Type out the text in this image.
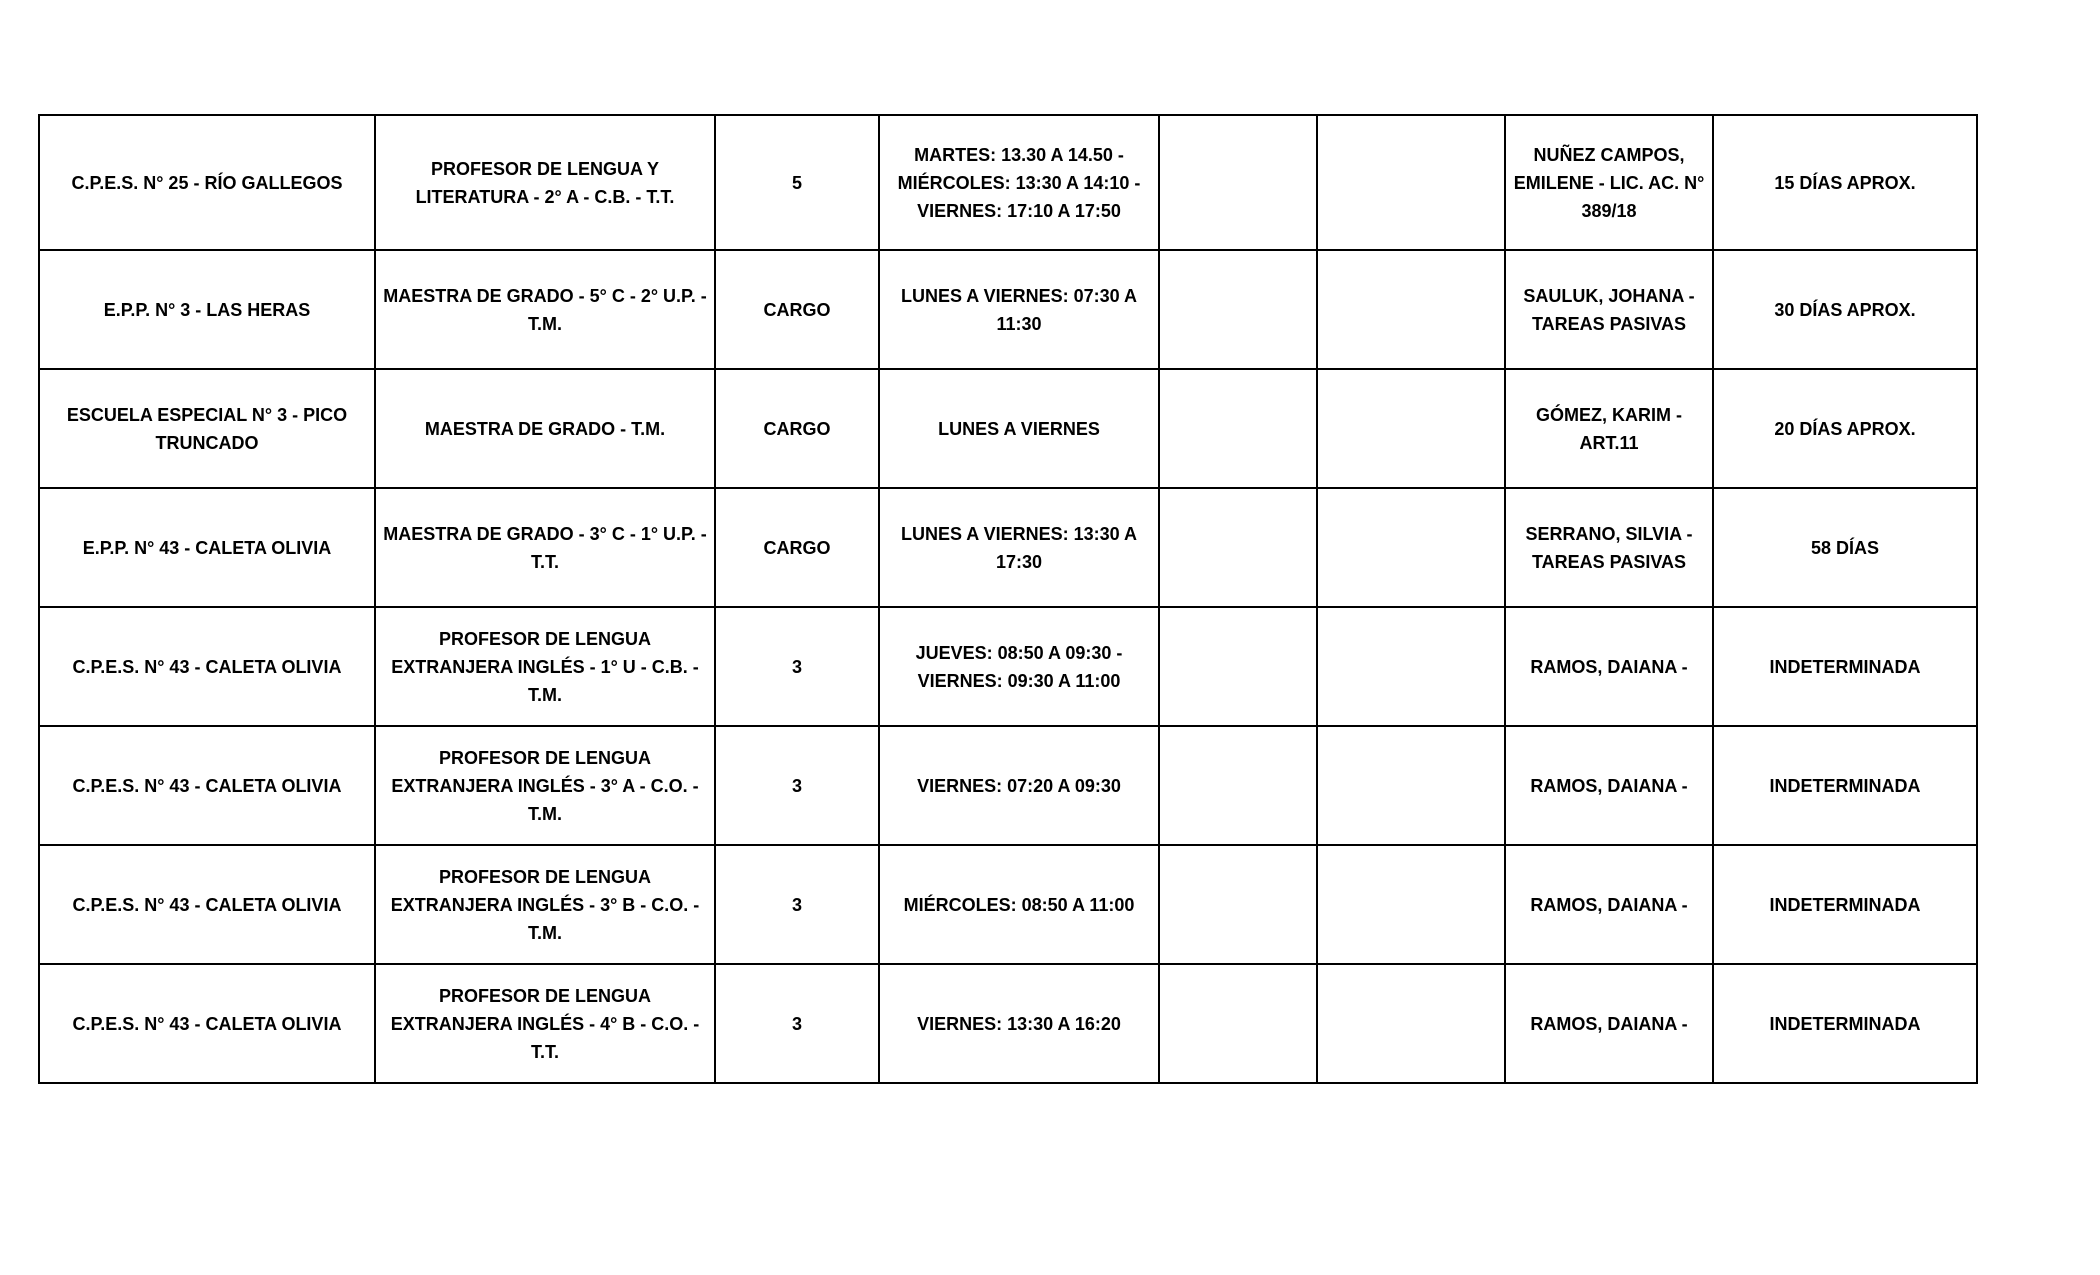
C.P.E.S. N° 25 - RÍO GALLEGOS	PROFESOR DE LENGUA Y LITERATURA - 2° A - C.B. - T.T.	5	MARTES: 13.30 A 14.50 - MIÉRCOLES: 13:30 A 14:10 - VIERNES: 17:10 A 17:50			NUÑEZ CAMPOS, EMILENE - LIC. AC. N° 389/18	15 DÍAS APROX.
E.P.P. N° 3 - LAS HERAS	MAESTRA DE GRADO - 5° C - 2° U.P. - T.M.	CARGO	LUNES A VIERNES: 07:30 A 11:30			SAULUK, JOHANA - TAREAS PASIVAS	30 DÍAS APROX.
ESCUELA ESPECIAL N° 3 - PICO TRUNCADO	MAESTRA DE GRADO - T.M.	CARGO	LUNES A VIERNES			GÓMEZ, KARIM - ART.11	20 DÍAS APROX.
E.P.P. N° 43 - CALETA OLIVIA	MAESTRA DE GRADO - 3° C - 1° U.P. - T.T.	CARGO	LUNES A VIERNES: 13:30 A 17:30			SERRANO, SILVIA - TAREAS PASIVAS	58 DÍAS
C.P.E.S. N° 43 - CALETA OLIVIA	PROFESOR DE LENGUA EXTRANJERA INGLÉS - 1° U - C.B. - T.M.	3	JUEVES: 08:50 A 09:30 - VIERNES: 09:30 A 11:00			RAMOS, DAIANA -	INDETERMINADA
C.P.E.S. N° 43 - CALETA OLIVIA	PROFESOR DE LENGUA EXTRANJERA INGLÉS - 3° A - C.O. - T.M.	3	VIERNES: 07:20 A 09:30			RAMOS, DAIANA -	INDETERMINADA
C.P.E.S. N° 43 - CALETA OLIVIA	PROFESOR DE LENGUA EXTRANJERA INGLÉS - 3° B - C.O. - T.M.	3	MIÉRCOLES: 08:50 A 11:00			RAMOS, DAIANA -	INDETERMINADA
C.P.E.S. N° 43 - CALETA OLIVIA	PROFESOR DE LENGUA EXTRANJERA INGLÉS - 4° B - C.O. - T.T.	3	VIERNES: 13:30 A 16:20			RAMOS, DAIANA -	INDETERMINADA
